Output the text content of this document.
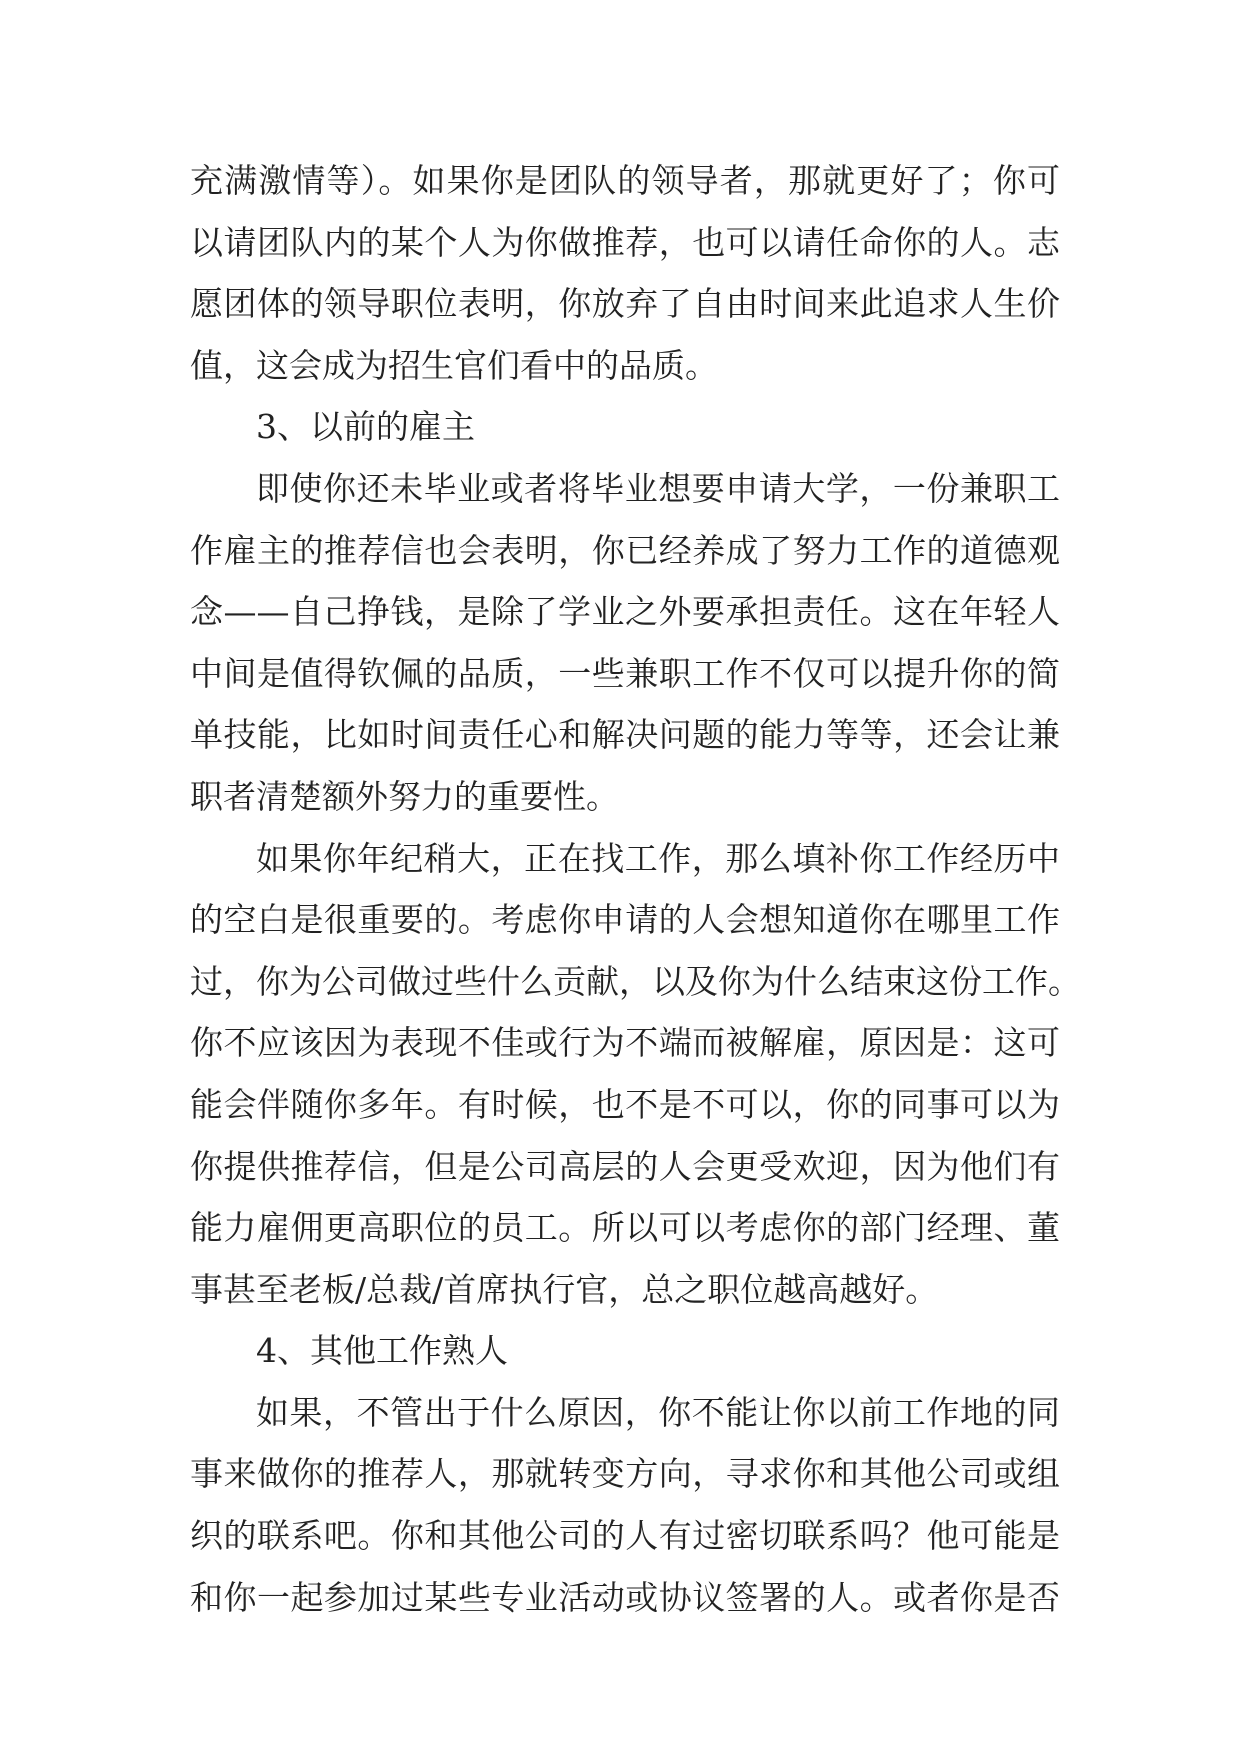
充满激情等）。如果你是团队的领导者，那就更好了；你可
以请团队内的某个人为你做推荐，也可以请任命你的人。志
愿团体的领导职位表明，你放弃了自由时间来此追求人生价
值，这会成为招生官们看中的品质。
3、以前的雇主
即使你还未毕业或者将毕业想要申请大学，一份兼职工
作雇主的推荐信也会表明，你已经养成了努力工作的道德观
念——自己挣钱，是除了学业之外要承担责任。这在年轻人
中间是值得钦佩的品质，一些兼职工作不仅可以提升你的简
单技能，比如时间责任心和解决问题的能力等等，还会让兼
职者清楚额外努力的重要性。
如果你年纪稍大，正在找工作，那么填补你工作经历中
的空白是很重要的。考虑你申请的人会想知道你在哪里工作
过，你为公司做过些什么贡献，以及你为什么结束这份工作。
你不应该因为表现不佳或行为不端而被解雇，原因是：这可
能会伴随你多年。有时候，也不是不可以，你的同事可以为
你提供推荐信，但是公司高层的人会更受欢迎，因为他们有
能力雇佣更高职位的员工。所以可以考虑你的部门经理、董
事甚至老板/总裁/首席执行官，总之职位越高越好。
4、其他工作熟人
如果，不管出于什么原因，你不能让你以前工作地的同
事来做你的推荐人，那就转变方向，寻求你和其他公司或组
织的联系吧。你和其他公司的人有过密切联系吗？他可能是
和你一起参加过某些专业活动或协议签署的人。或者你是否
